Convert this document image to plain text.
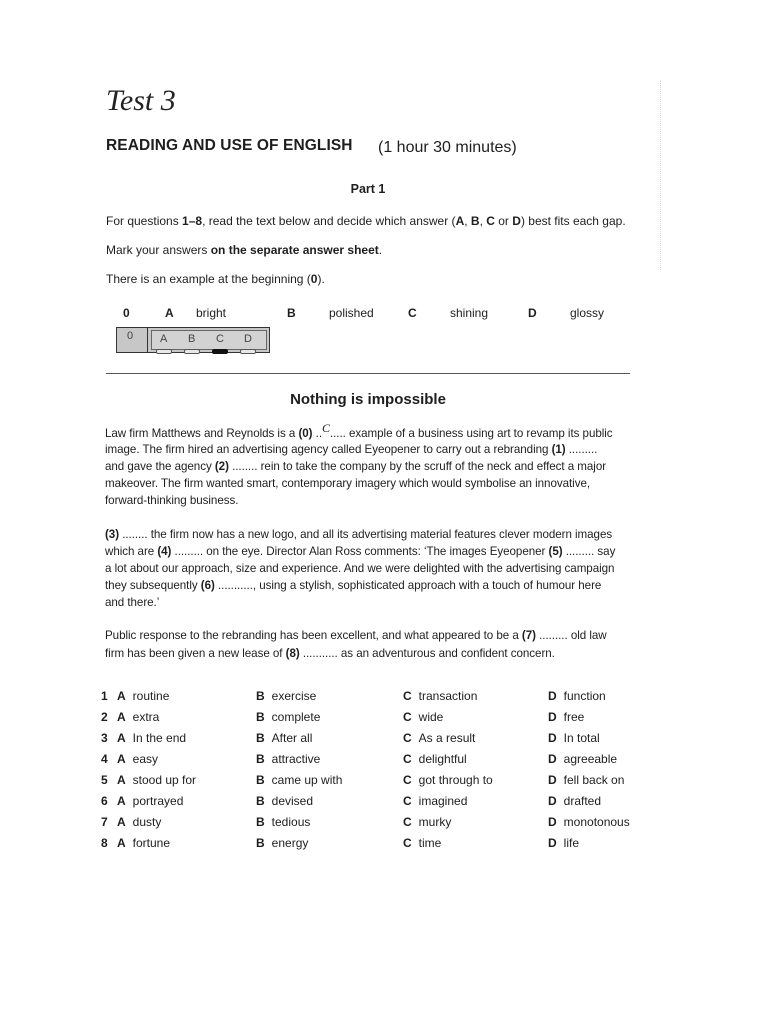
Test 3
READING AND USE OF ENGLISH (1 hour 30 minutes)
Part 1
For questions 1–8, read the text below and decide which answer (A, B, C or D) best fits each gap.
Mark your answers on the separate answer sheet.
There is an example at the beginning (0).
0	A bright	B	polished	C	shining	D	glossy
0 A B C D
Nothing is impossible
Law firm Matthews and Reynolds is a (0) ..C..... example of a business using art to revamp its public
image. The firm hired an advertising agency called Eyeopener to carry out a rebranding (1) .........
and gave the agency (2) ........ rein to take the company by the scruff of the neck and effect a major
makeover. The firm wanted smart, contemporary imagery which would symbolise an innovative,
forward-thinking business.
(3) ........ the firm now has a new logo, and all its advertising material features clever modern images
which are (4) ......... on the eye. Director Alan Ross comments: ‘The images Eyeopener (5) ......... say
a lot about our approach, size and experience. And we were delighted with the advertising campaign
they subsequently (6) ..........., using a stylish, sophisticated approach with a touch of humour here
and there.’
Public response to the rebranding has been excellent, and what appeared to be a (7) ......... old law
firm has been given a new lease of (8) ........... as an adventurous and confident concern.
1 A routine	B exercise	C transaction	D function
2 A extra	B complete	C wide	D free
3 A In the end	B After all	C As a result	D In total
4 A easy	B attractive	C delightful	D agreeable
5 A stood up for	B came up with	C got through to	D fell back on
6 A portrayed	B devised	C imagined	D drafted
7 A dusty	B tedious	C murky	D monotonous
8 A fortune	B energy	C time	D life
